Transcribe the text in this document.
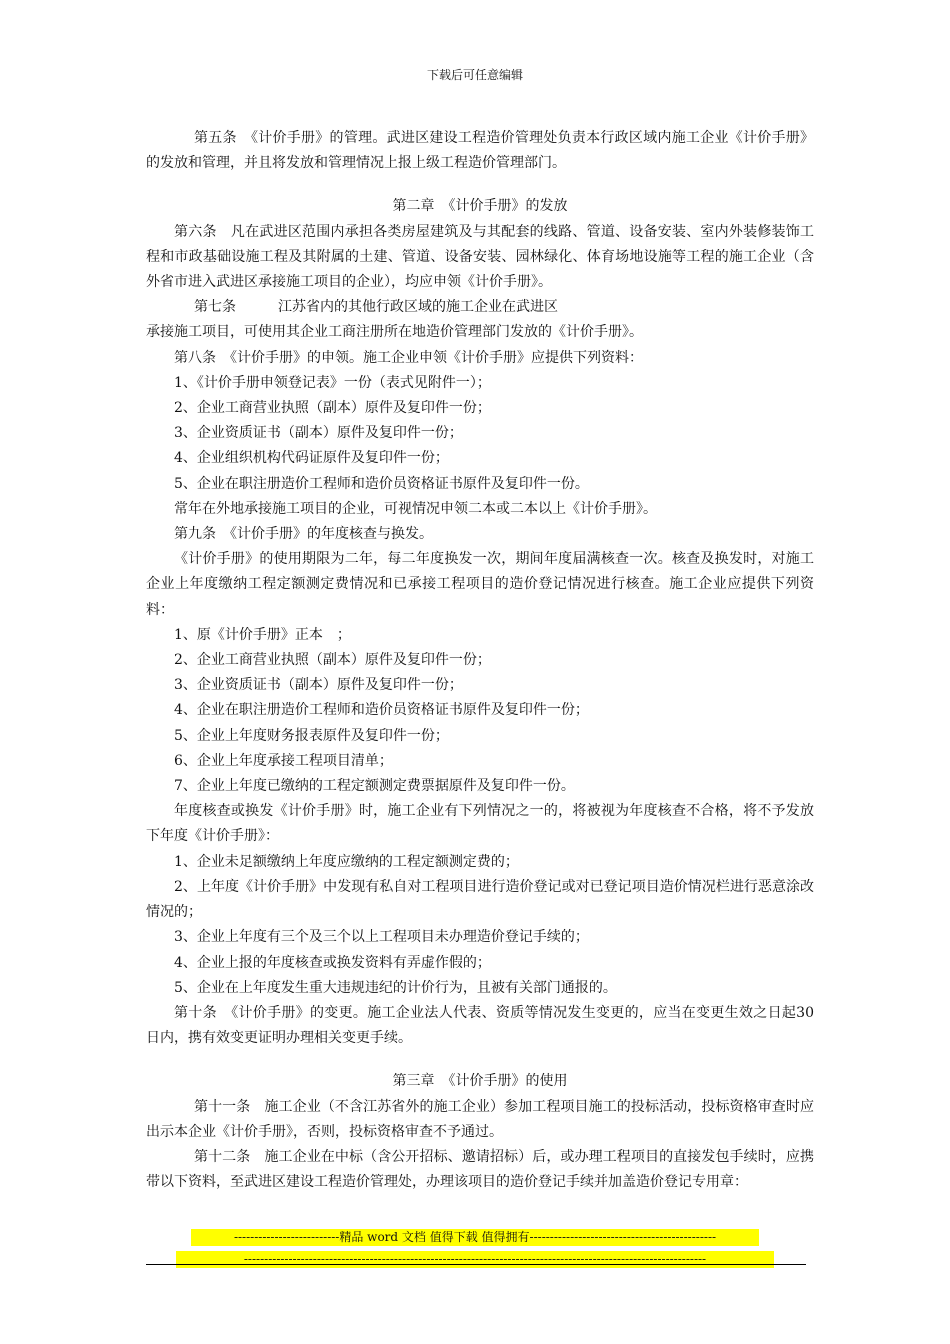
下载后可任意编辑

第五条　《计价手册》的管理。武进区建设工程造价管理处负责本行政区域内施工企业《计价手册》的发放和管理，并且将发放和管理情况上报上级工程造价管理部门。

第二章　《计价手册》的发放

第六条　凡在武进区范围内承担各类房屋建筑及与其配套的线路、管道、设备安装、室内外装修装饰工程和市政基础设施工程及其附属的土建、管道、设备安装、园林绿化、体育场地设施等工程的施工企业（含外省市进入武进区承接施工项目的企业），均应申领《计价手册》。

第七条　　　江苏省内的其他行政区域的施工企业在武进区

承接施工项目，可使用其企业工商注册所在地造价管理部门发放的《计价手册》。

第八条　《计价手册》的申领。施工企业申领《计价手册》应提供下列资料：

1、《计价手册申领登记表》一份（表式见附件一）；

2、企业工商营业执照（副本）原件及复印件一份；

3、企业资质证书（副本）原件及复印件一份；

4、企业组织机构代码证原件及复印件一份；

5、企业在职注册造价工程师和造价员资格证书原件及复印件一份。

常年在外地承接施工项目的企业，可视情况申领二本或二本以上《计价手册》。

第九条　《计价手册》的年度核查与换发。

《计价手册》的使用期限为二年，每二年度换发一次，期间年度届满核查一次。核查及换发时，对施工企业上年度缴纳工程定额测定费情况和已承接工程项目的造价登记情况进行核查。施工企业应提供下列资料：

1、原《计价手册》正本　；

2、企业工商营业执照（副本）原件及复印件一份；

3、企业资质证书（副本）原件及复印件一份；

4、企业在职注册造价工程师和造价员资格证书原件及复印件一份；

5、企业上年度财务报表原件及复印件一份；

6、企业上年度承接工程项目清单；

7、企业上年度已缴纳的工程定额测定费票据原件及复印件一份。

年度核查或换发《计价手册》时，施工企业有下列情况之一的，将被视为年度核查不合格，将不予发放下年度《计价手册》：

1、企业未足额缴纳上年度应缴纳的工程定额测定费的；

2、上年度《计价手册》中发现有私自对工程项目进行造价登记或对已登记项目造价情况栏进行恶意涂改情况的；

3、企业上年度有三个及三个以上工程项目未办理造价登记手续的；

4、企业上报的年度核查或换发资料有弄虚作假的；

5、企业在上年度发生重大违规违纪的计价行为，且被有关部门通报的。

第十条　《计价手册》的变更。施工企业法人代表、资质等情况发生变更的，应当在变更生效之日起30日内，携有效变更证明办理相关变更手续。

第三章　《计价手册》的使用

第十一条　施工企业（不含江苏省外的施工企业）参加工程项目施工的投标活动，投标资格审查时应出示本企业《计价手册》，否则，投标资格审查不予通过。

第十二条　施工企业在中标（含公开招标、邀请招标）后，或办理工程项目的直接发包手续时，应携带以下资料，至武进区建设工程造价管理处，办理该项目的造价登记手续并加盖造价登记专用章：

--------------------------精品 word 文档 值得下载 值得拥有----------------------------------------------
------------------------------------------------------------------------------------------------------------------
